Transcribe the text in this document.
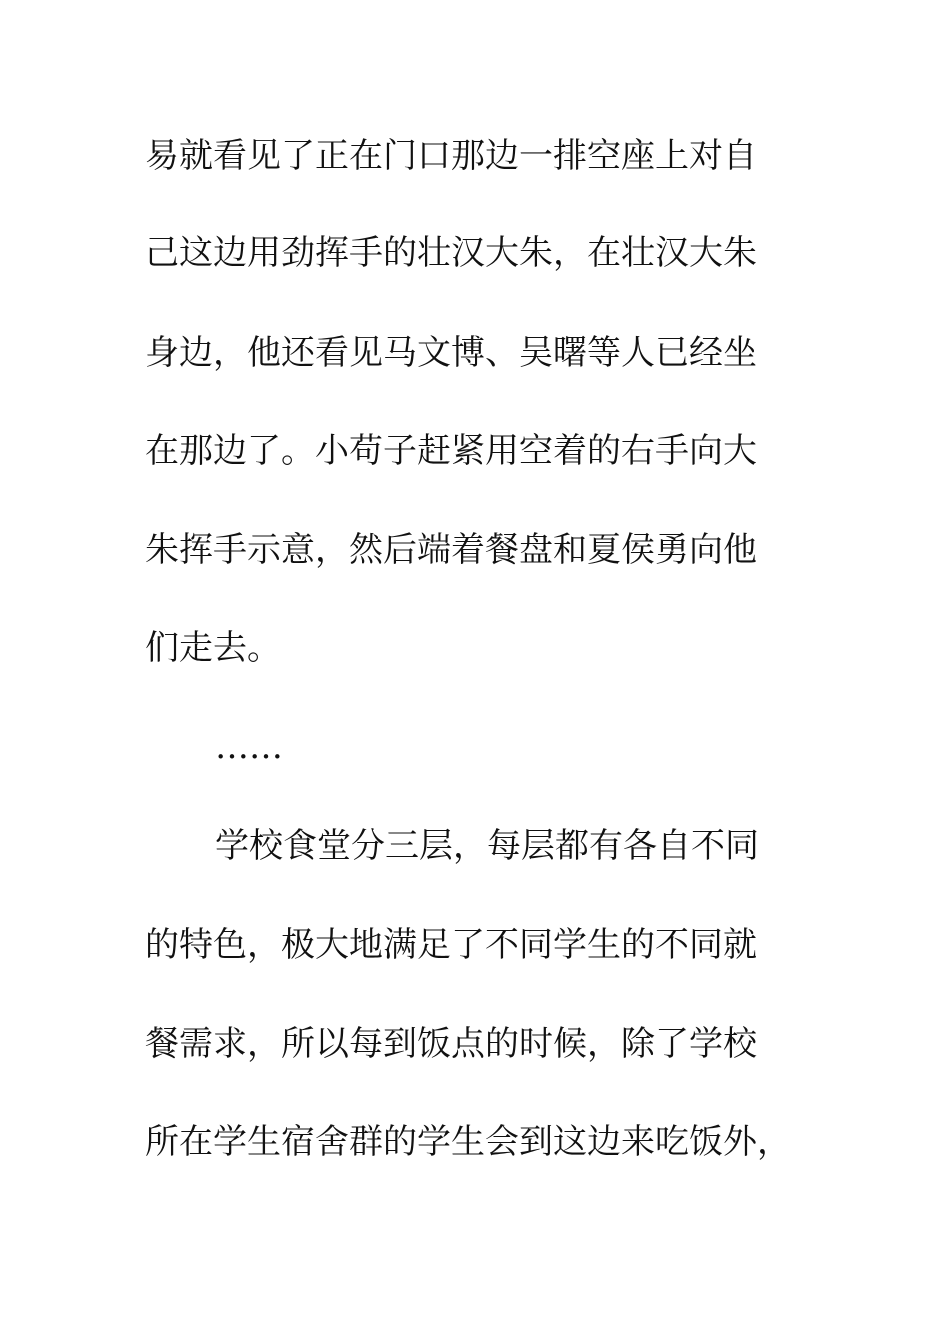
易就看见了正在门口那边一排空座上对自
己这边用劲挥手的壮汉大朱，在壮汉大朱
身边，他还看见马文博、吴曙等人已经坐
在那边了。小苟子赶紧用空着的右手向大
朱挥手示意，然后端着餐盘和夏侯勇向他
们走去。
……
学校食堂分三层，每层都有各自不同
的特色，极大地满足了不同学生的不同就
餐需求，所以每到饭点的时候，除了学校
所在学生宿舍群的学生会到这边来吃饭外，
